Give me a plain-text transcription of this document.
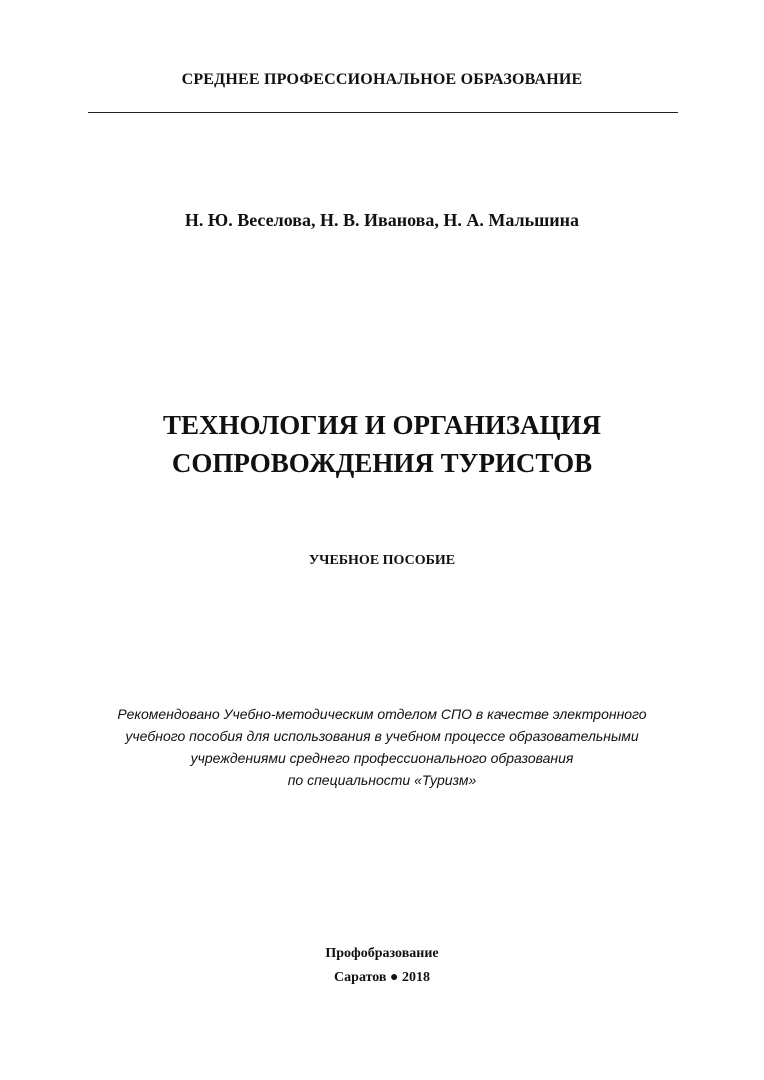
СРЕДНЕЕ ПРОФЕССИОНАЛЬНОЕ ОБРАЗОВАНИЕ
Н. Ю. Веселова, Н. В. Иванова, Н. А. Мальшина
ТЕХНОЛОГИЯ И ОРГАНИЗАЦИЯ
СОПРОВОЖДЕНИЯ ТУРИСТОВ
УЧЕБНОЕ ПОСОБИЕ
Рекомендовано Учебно-методическим отделом СПО в качестве электронного
учебного пособия для использования в учебном процессе образовательными
учреждениями среднего профессионального образования
по специальности «Туризм»
Профобразование
Саратов ● 2018
